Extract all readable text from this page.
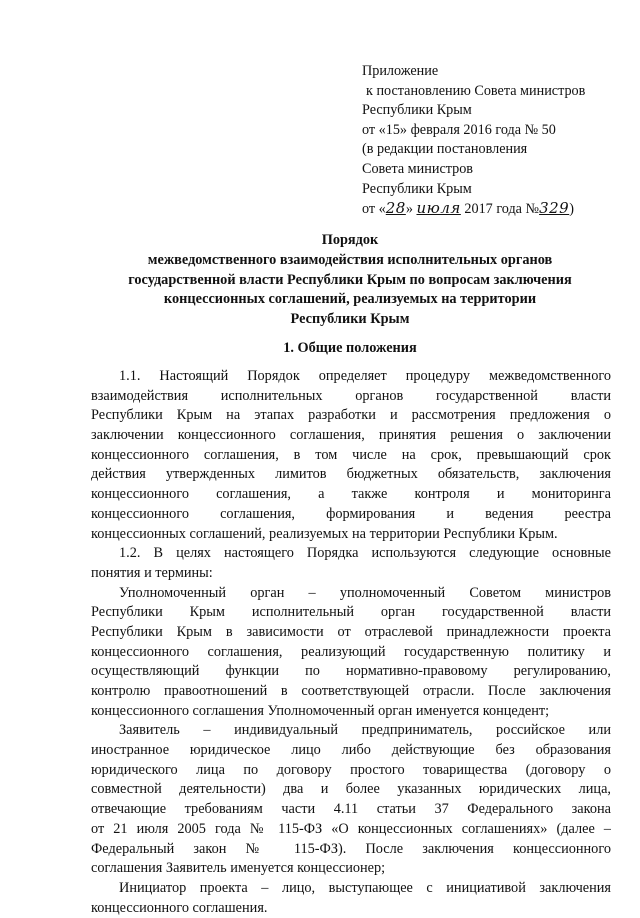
Приложение
к постановлению Совета министров
Республики Крым
от «15» февраля 2016 года № 50
(в редакции постановления
Совета министров
Республики Крым
от «28» июля 2017 года №329)
Порядок
межведомственного взаимодействия исполнительных органов
государственной власти Республики Крым по вопросам заключения
концессионных соглашений, реализуемых на территории
Республики Крым
1. Общие положения
1.1. Настоящий Порядок определяет процедуру межведомственного
взаимодействия исполнительных органов государственной власти
Республики Крым на этапах разработки и рассмотрения предложения о
заключении концессионного соглашения, принятия решения о заключении
концессионного соглашения, в том числе на срок, превышающий срок
действия утвержденных лимитов бюджетных обязательств, заключения
концессионного соглашения, а также контроля и мониторинга
концессионного соглашения, формирования и ведения реестра
концессионных соглашений, реализуемых на территории Республики Крым.
1.2. В целях настоящего Порядка используются следующие основные
понятия и термины:
Уполномоченный орган – уполномоченный Советом министров
Республики Крым исполнительный орган государственной власти
Республики Крым в зависимости от отраслевой принадлежности проекта
концессионного соглашения, реализующий государственную политику и
осуществляющий функции по нормативно-правовому регулированию,
контролю правоотношений в соответствующей отрасли. После заключения
концессионного соглашения Уполномоченный орган именуется концедент;
Заявитель – индивидуальный предприниматель, российское или
иностранное юридическое лицо либо действующие без образования
юридического лица по договору простого товарищества (договору о
совместной деятельности) два и более указанных юридических лица,
отвечающие требованиям части 4.11 статьи 37 Федерального закона
от 21 июля 2005 года № 115-ФЗ «О концессионных соглашениях» (далее –
Федеральный закон № 115-ФЗ). После заключения концессионного
соглашения Заявитель именуется концессионер;
Инициатор проекта – лицо, выступающее с инициативой заключения
концессионного соглашения.
